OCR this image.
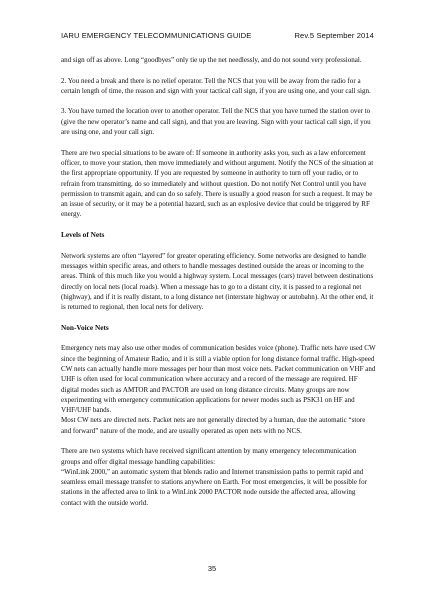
IARU EMERGENCY TELECOMMUNICATIONS GUIDE	Rev.5 September 2014

and sign off as above. Long “goodbyes” only tie up the net needlessly, and do not sound very professional.

2. You need a break and there is no relief operator. Tell the NCS that you will be away from the radio for a certain length of time, the reason and sign with your tactical call sign, if you are using one, and your call sign.

3. You have turned the location over to another operator. Tell the NCS that you have turned the station over to (give the new operator’s name and call sign), and that you are leaving. Sign with your tactical call sign, if you are using one, and your call sign.

There are two special situations to be aware of: If someone in authority asks you, such as a law enforcement officer, to move your station, then move immediately and without argument. Notify the NCS of the situation at the first appropriate opportunity. If you are requested by someone in authority to turn off your radio, or to refrain from transmitting, do so immediately and without question. Do not notify Net Control until you have permission to transmit again, and can do so safely. There is usually a good reason for such a request. It may be an issue of security, or it may be a potential hazard, such as an explosive device that could be triggered by RF energy.

Levels of Nets

Network systems are often “layered” for greater operating efficiency. Some networks are designed to handle messages within specific areas, and others to handle messages destined outside the areas or incoming to the areas. Think of this much like you would a highway system. Local messages (cars) travel between destinations directly on local nets (local roads). When a message has to go to a distant city, it is passed to a regional net (highway), and if it is really distant, to a long distance net (interstate highway or autobahn). At the other end, it is returned to regional, then local nets for delivery.

Non-Voice Nets

Emergency nets may also use other modes of communication besides voice (phone). Traffic nets have used CW since the beginning of Amateur Radio, and it is still a viable option for long distance formal traffic. High-speed CW nets can actually handle more messages per hour than most voice nets. Packet communication on VHF and UHF is often used for local communication where accuracy and a record of the message are required. HF digital modes such as AMTOR and PACTOR are used on long distance circuits. Many groups are now experimenting with emergency communication applications for newer modes such as PSK31 on HF and VHF/UHF bands.

Most CW nets are directed nets. Packet nets are not generally directed by a human, due the automatic “store and forward” nature of the mode, and are usually operated as open nets with no NCS.

There are two systems which have received significant attention by many emergency telecommunication groups and offer digital message handling capabilities:

“WinLink 2000,” an automatic system that blends radio and Internet transmission paths to permit rapid and seamless email message transfer to stations anywhere on Earth. For most emergencies, it will be possible for stations in the affected area to link to a WinLink 2000 PACTOR node outside the affected area, allowing contact with the outside world.

35
